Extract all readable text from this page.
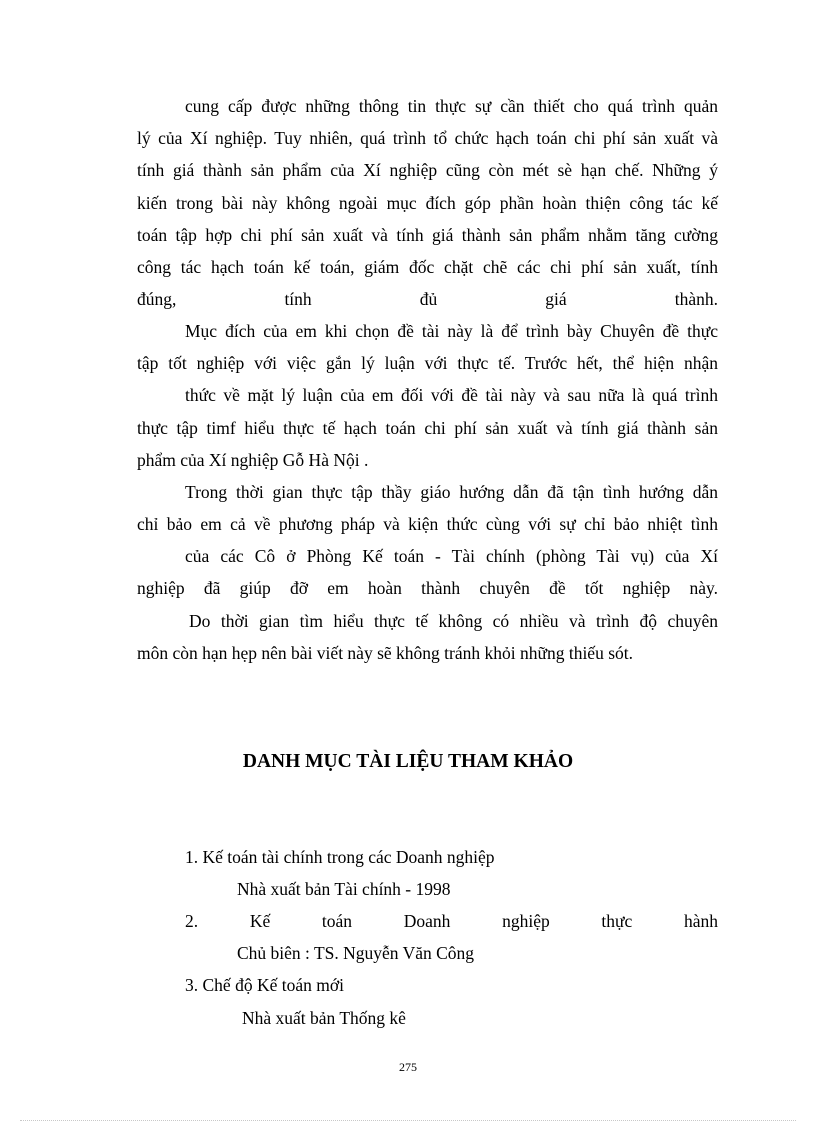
cung cấp được những thông tin thực sự cần thiết cho quá trình quản
lý của Xí nghiệp. Tuy nhiên, quá trình tổ chức hạch toán chi phí sản xuất và
tính giá thành sản phẩm của Xí nghiệp cũng còn mét sè hạn chế. Những ý
kiến trong bài này không ngoài mục đích góp phần hoàn thiện công tác kế
toán tập hợp chi phí sản xuất và tính giá thành sản phẩm nhằm tăng cường
công tác hạch toán kế toán, giám đốc chặt chẽ các chi phí sản xuất, tính
đúng, tính đủ giá thành.
Mục đích của em khi chọn đề tài này là để trình bày Chuyên đề thực
tập tốt nghiệp với việc gắn lý luận với thực tế. Trước hết, thể hiện nhận
thức về mặt lý luận của em đối với đề tài này và sau nữa là quá trình
thực tập timf hiểu thực tế hạch toán chi phí sản xuất và tính giá thành sản
phẩm của Xí nghiệp Gỗ Hà Nội .
Trong thời gian thực tập thầy giáo hướng dẫn đã tận tình hướng dẫn
chỉ bảo em cả về phương pháp và kiện thức cùng với sự chỉ bảo nhiệt tình
của các Cô ở Phòng Kế toán - Tài chính (phòng Tài vụ) của Xí
nghiệp đã giúp đỡ em hoàn thành chuyên đề tốt nghiệp này.
Do thời gian tìm hiểu thực tế không có nhiều và trình độ chuyên
môn còn hạn hẹp nên bài viết này sẽ không tránh khỏi những thiếu sót.
DANH MỤC TÀI LIỆU THAM KHẢO
1. Kế toán tài chính trong các Doanh nghiệp
Nhà xuất bản Tài chính - 1998
2. Kế toán Doanh nghiệp thực hành
Chủ biên : TS. Nguyễn Văn Công
3. Chế độ Kế toán mới
Nhà xuất bản Thống kê
275
